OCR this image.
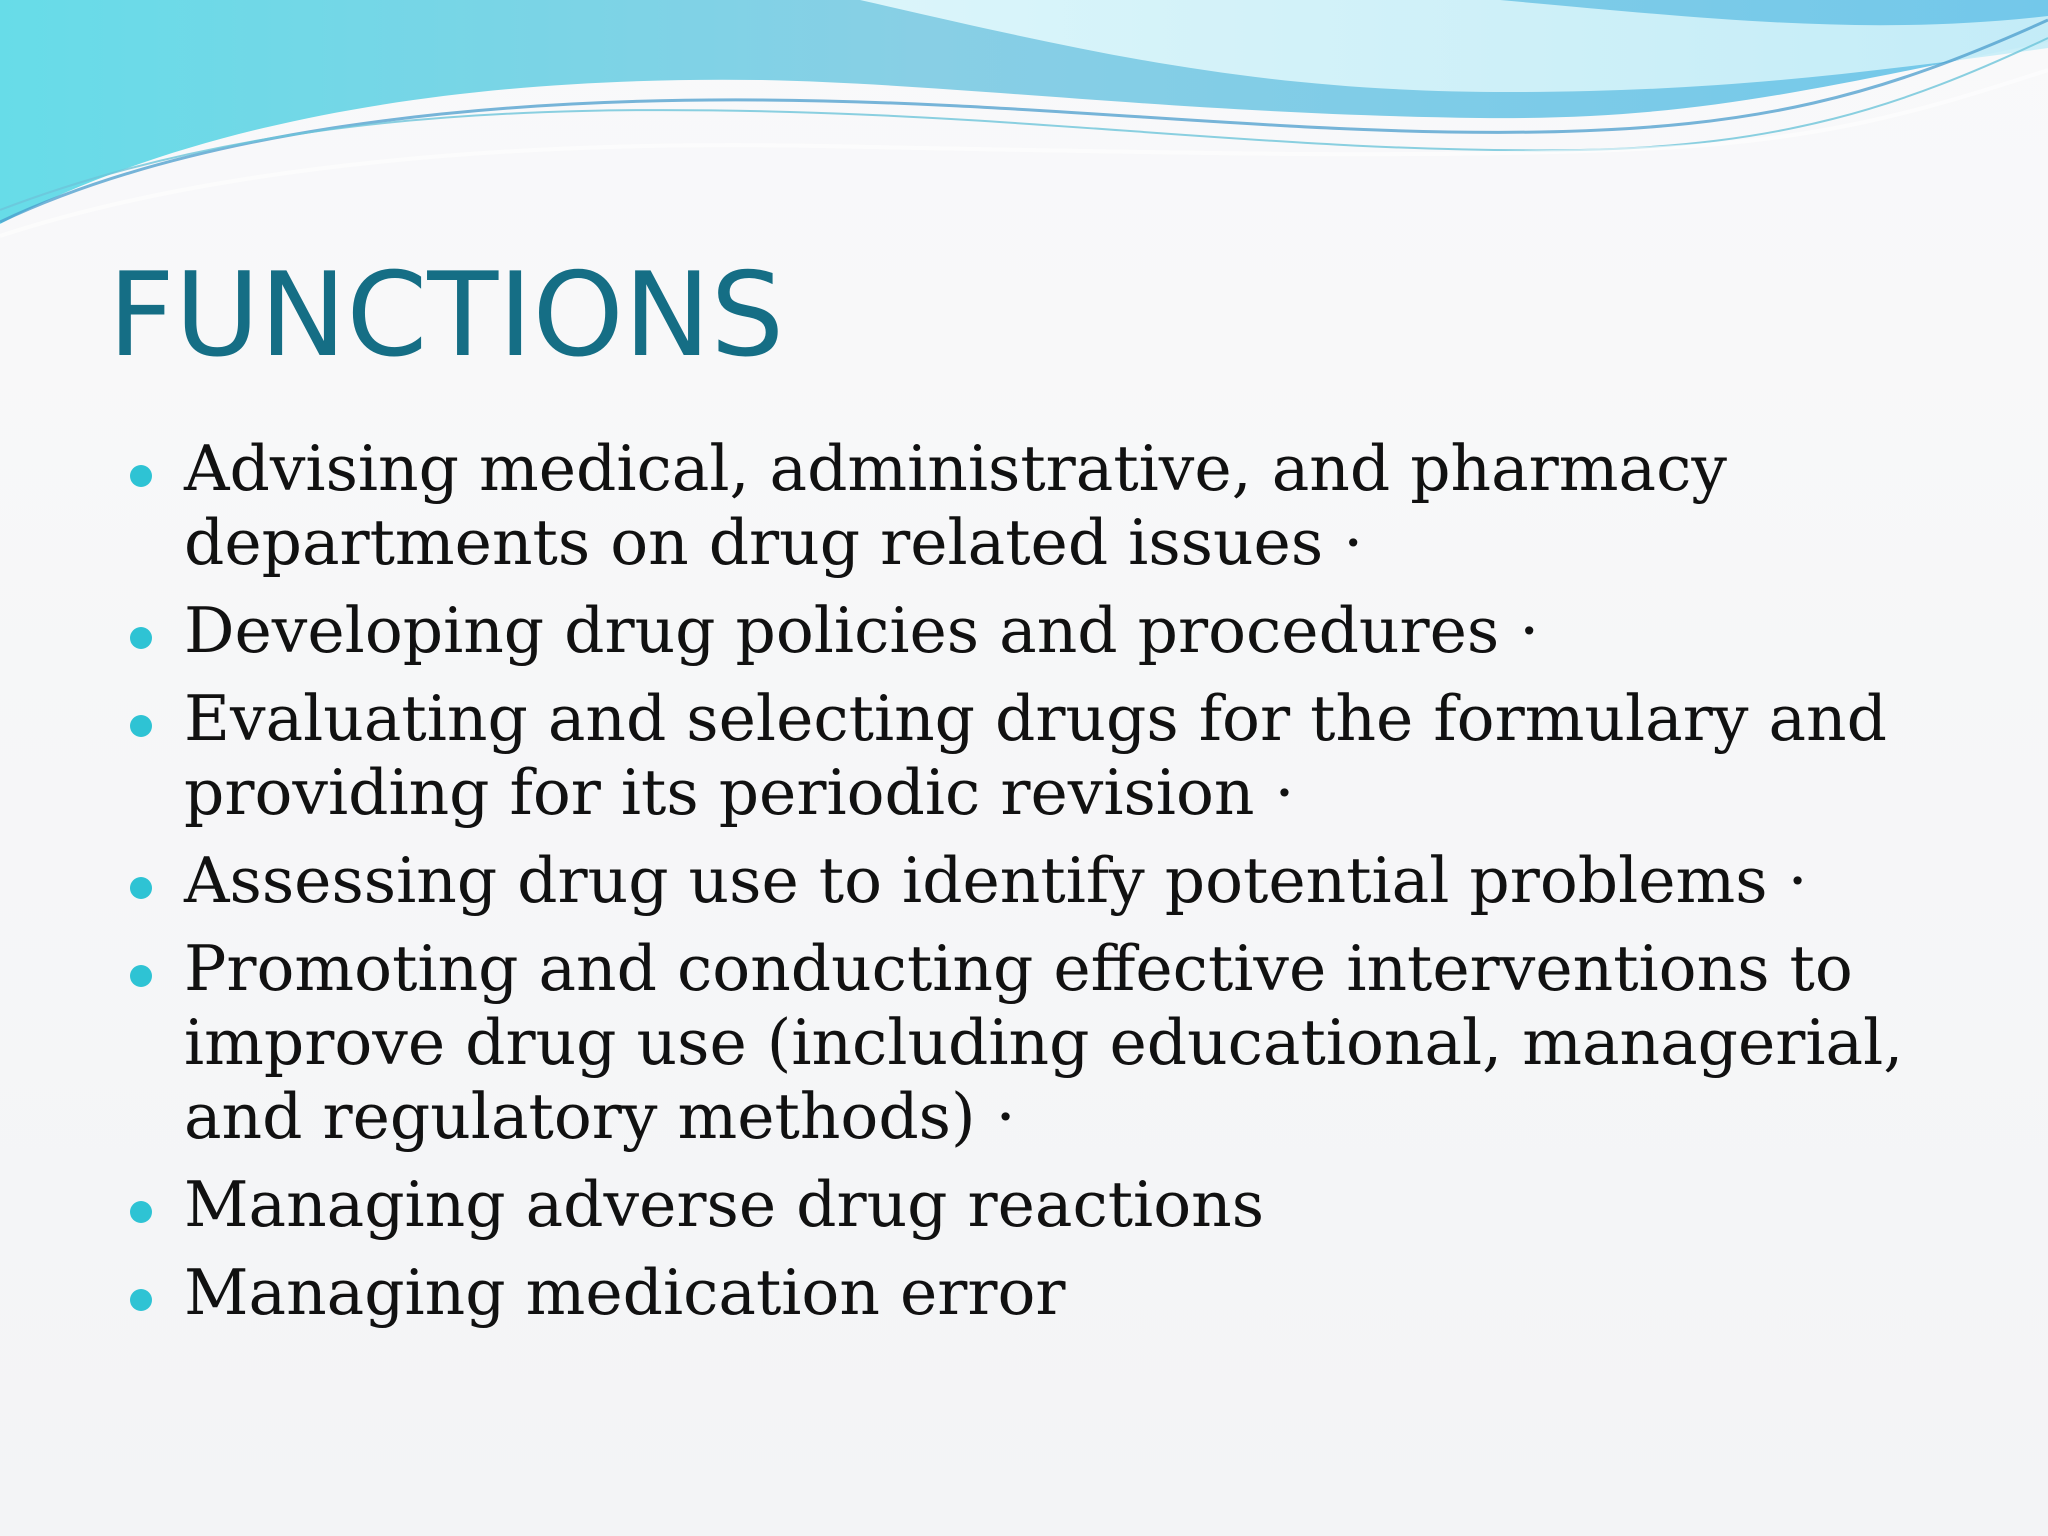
FUNCTIONS
Advising medical, administrative, and pharmacy departments on drug related issues ·
Developing drug policies and procedures ·
Evaluating and selecting drugs for the formulary and providing for its periodic revision ·
Assessing drug use to identify potential problems ·
Promoting and conducting effective interventions to improve drug use (including educational, managerial, and regulatory methods) ·
Managing adverse drug reactions
Managing medication error
